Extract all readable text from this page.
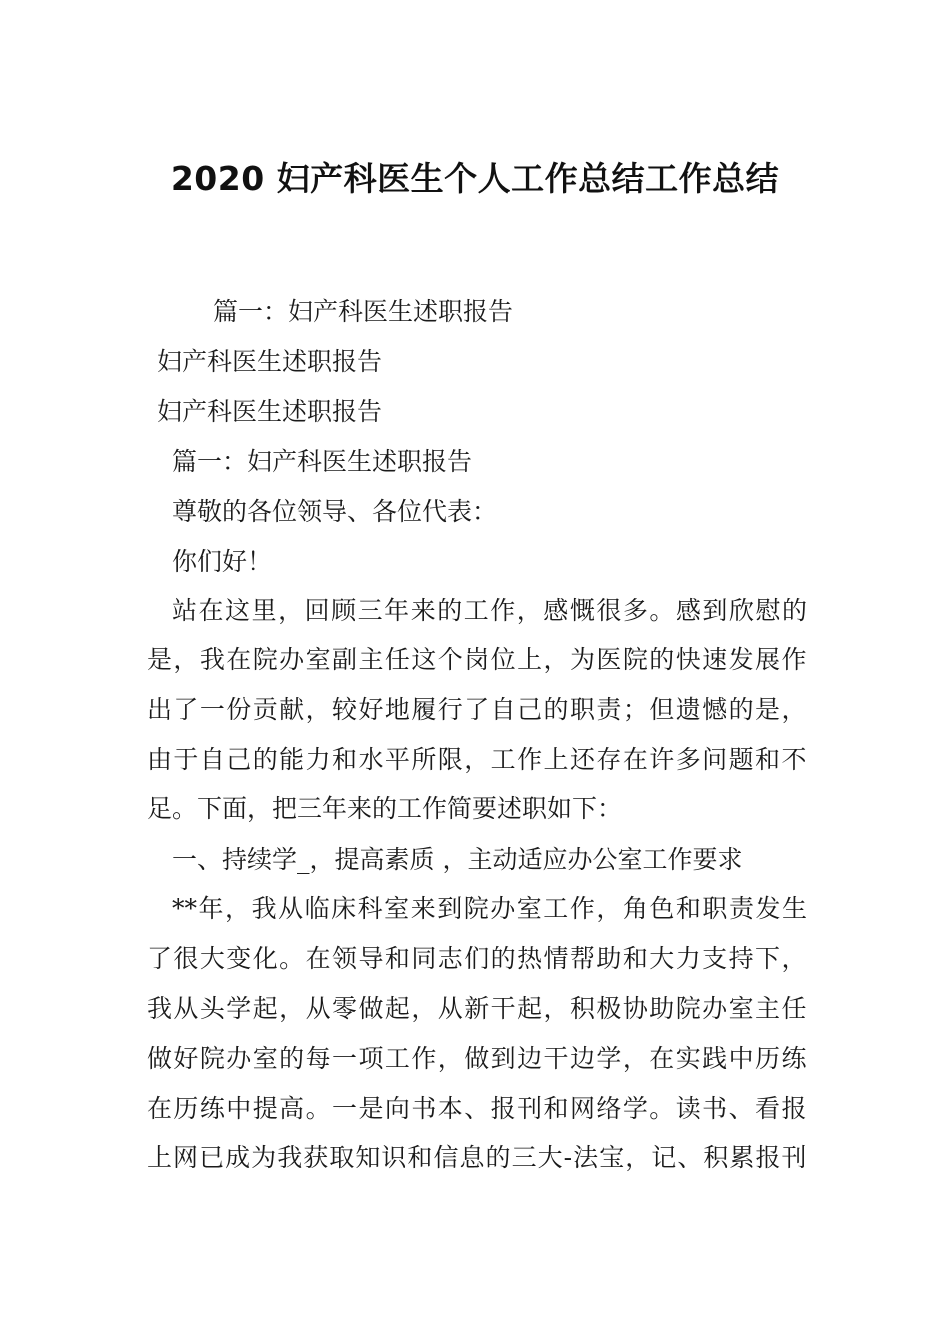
2020 妇产科医生个人工作总结工作总结
篇一：妇产科医生述职报告
妇产科医生述职报告
妇产科医生述职报告
篇一：妇产科医生述职报告
尊敬的各位领导、各位代表：
你们好！
站在这里，回顾三年来的工作，感慨很多。感到欣慰的
是，我在院办室副主任这个岗位上，为医院的快速发展作
出了一份贡献，较好地履行了自己的职责；但遗憾的是，
由于自己的能力和水平所限，工作上还存在许多问题和不
足。下面，把三年来的工作简要述职如下：
一、持续学_，提高素质 ，主动适应办公室工作要求
**年，我从临床科室来到院办室工作，角色和职责发生
了很大变化。在领导和同志们的热情帮助和大力支持下，
我从头学起，从零做起，从新干起，积极协助院办室主任
做好院办室的每一项工作，做到边干边学，在实践中历练
在历练中提高。一是向书本、报刊和网络学。读书、看报
上网已成为我获取知识和信息的三大-法宝，记、积累报刊
